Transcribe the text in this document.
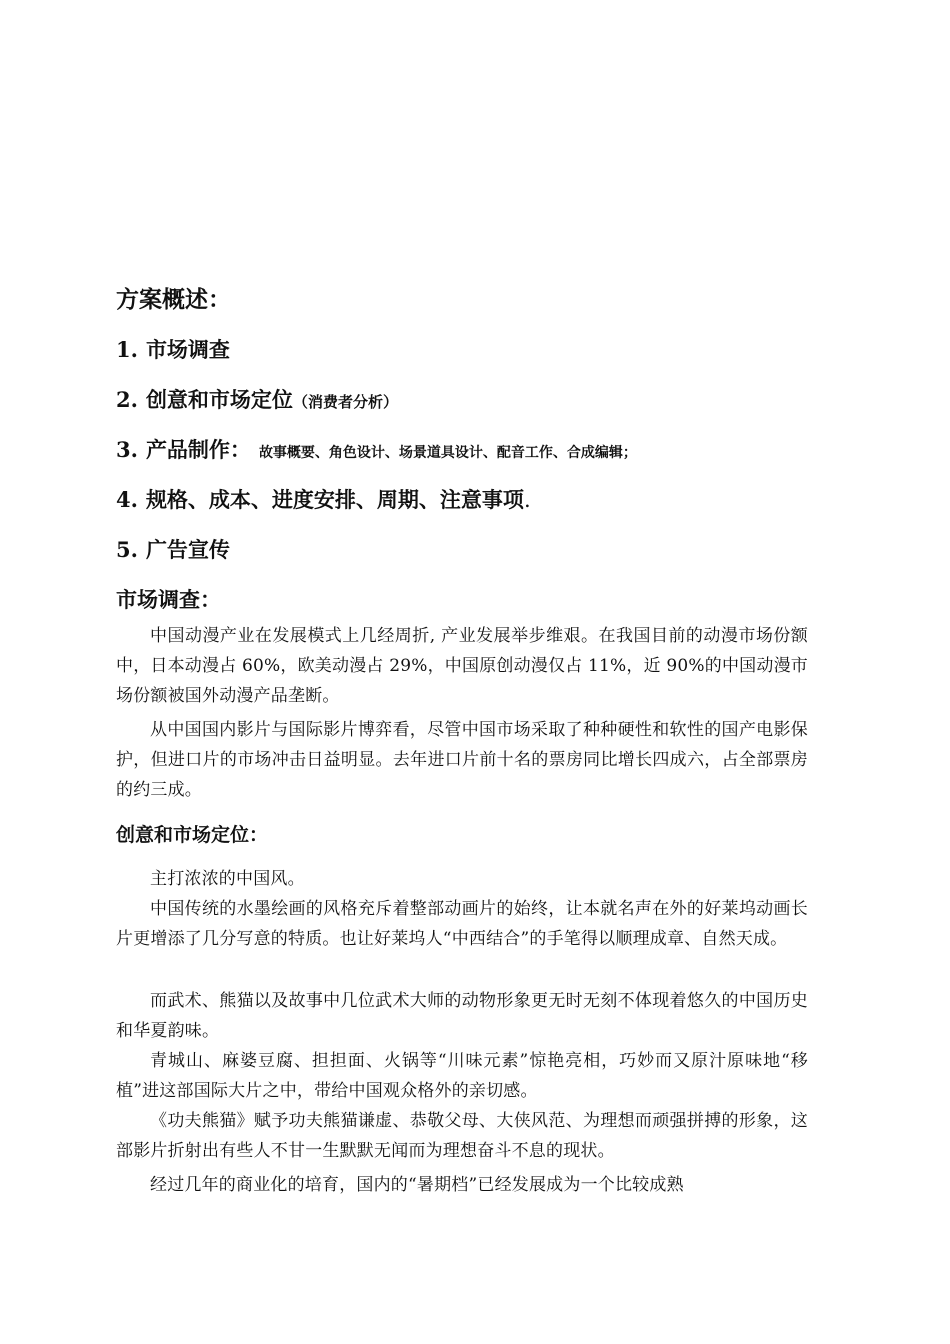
方案概述：
1. 市场调查
2. 创意和市场定位（消费者分析）
3. 产品制作： 故事概要、角色设计、场景道具设计、配音工作、合成编辑；
4. 规格、成本、进度安排、周期、注意事项.
5. 广告宣传
市场调查：

中国动漫产业在发展模式上几经周折, 产业发展举步维艰。在我国目前的动漫市场份额中，日本动漫占 60%，欧美动漫占 29%，中国原创动漫仅占 11%，近 90%的中国动漫市场份额被国外动漫产品垄断。

从中国国内影片与国际影片博弈看，尽管中国市场采取了种种硬性和软性的国产电影保护，但进口片的市场冲击日益明显。去年进口片前十名的票房同比增长四成六，占全部票房的约三成。

创意和市场定位：

主打浓浓的中国风。

中国传统的水墨绘画的风格充斥着整部动画片的始终，让本就名声在外的好莱坞动画长片更增添了几分写意的特质。也让好莱坞人“中西结合”的手笔得以顺理成章、自然天成。

而武术、熊猫以及故事中几位武术大师的动物形象更无时无刻不体现着悠久的中国历史和华夏韵味。

青城山、麻婆豆腐、担担面、火锅等“川味元素”惊艳亮相，巧妙而又原汁原味地“移植”进这部国际大片之中，带给中国观众格外的亲切感。

《功夫熊猫》赋予功夫熊猫谦虚、恭敬父母、大侠风范、为理想而顽强拼搏的形象，这部影片折射出有些人不甘一生默默无闻而为理想奋斗不息的现状。

经过几年的商业化的培育，国内的“暑期档”已经发展成为一个比较成熟
